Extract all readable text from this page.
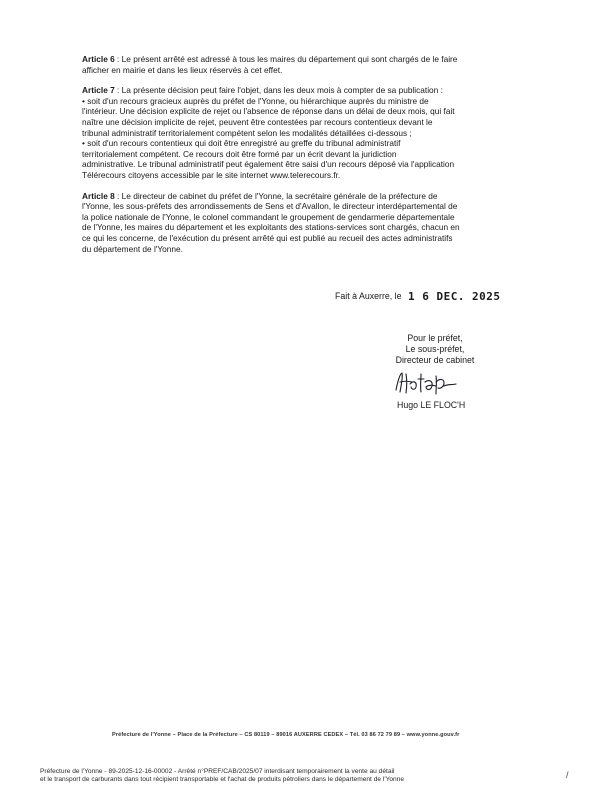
Article 6 : Le présent arrêté est adressé à tous les maires du département qui sont chargés de le faire
afficher en mairie et dans les lieux réservés à cet effet.

Article 7 : La présente décision peut faire l'objet, dans les deux mois à compter de sa publication :
• soit d'un recours gracieux auprès du préfet de l'Yonne, ou hiérarchique auprès du ministre de
l'intérieur. Une décision explicite de rejet ou l'absence de réponse dans un délai de deux mois, qui fait
naître une décision implicite de rejet, peuvent être contestées par recours contentieux devant le
tribunal administratif territorialement compétent selon les modalités détaillées ci-dessous ;
• soit d'un recours contentieux qui doit être enregistré au greffe du tribunal administratif
territorialement compétent. Ce recours doit être formé par un écrit devant la juridiction
administrative. Le tribunal administratif peut également être saisi d'un recours déposé via l'application
Télérecours citoyens accessible par le site internet www.telerecours.fr.

Article 8 : Le directeur de cabinet du préfet de l'Yonne, la secrétaire générale de la préfecture de
l'Yonne, les sous-préfets des arrondissements de Sens et d'Avallon, le directeur interdépartemental de
la police nationale de l'Yonne, le colonel commandant le groupement de gendarmerie départementale
de l'Yonne, les maires du département et les exploitants des stations-services sont chargés, chacun en
ce qui les concerne, de l'exécution du présent arrêté qui est publié au recueil des actes administratifs
du département de l'Yonne.

Fait à Auxerre, le 1 6 DEC. 2025
Pour le préfet,
Le sous-préfet,
Directeur de cabinet
Hugo LE FLOC'H
Préfecture de l'Yonne – Place de la Préfecture – CS 80119 – 89016 AUXERRE CEDEX – Tél. 03 86 72 79 89 – www.yonne.gouv.fr
Préfecture de l'Yonne - 89-2025-12-16-00002 - Arrêté n°PREF/CAB/2025/07 interdisant temporairement la vente au détail
et le transport de carburants dans tout récipient transportable et l'achat de produits pétroliers dans le département de l'Yonne	/
